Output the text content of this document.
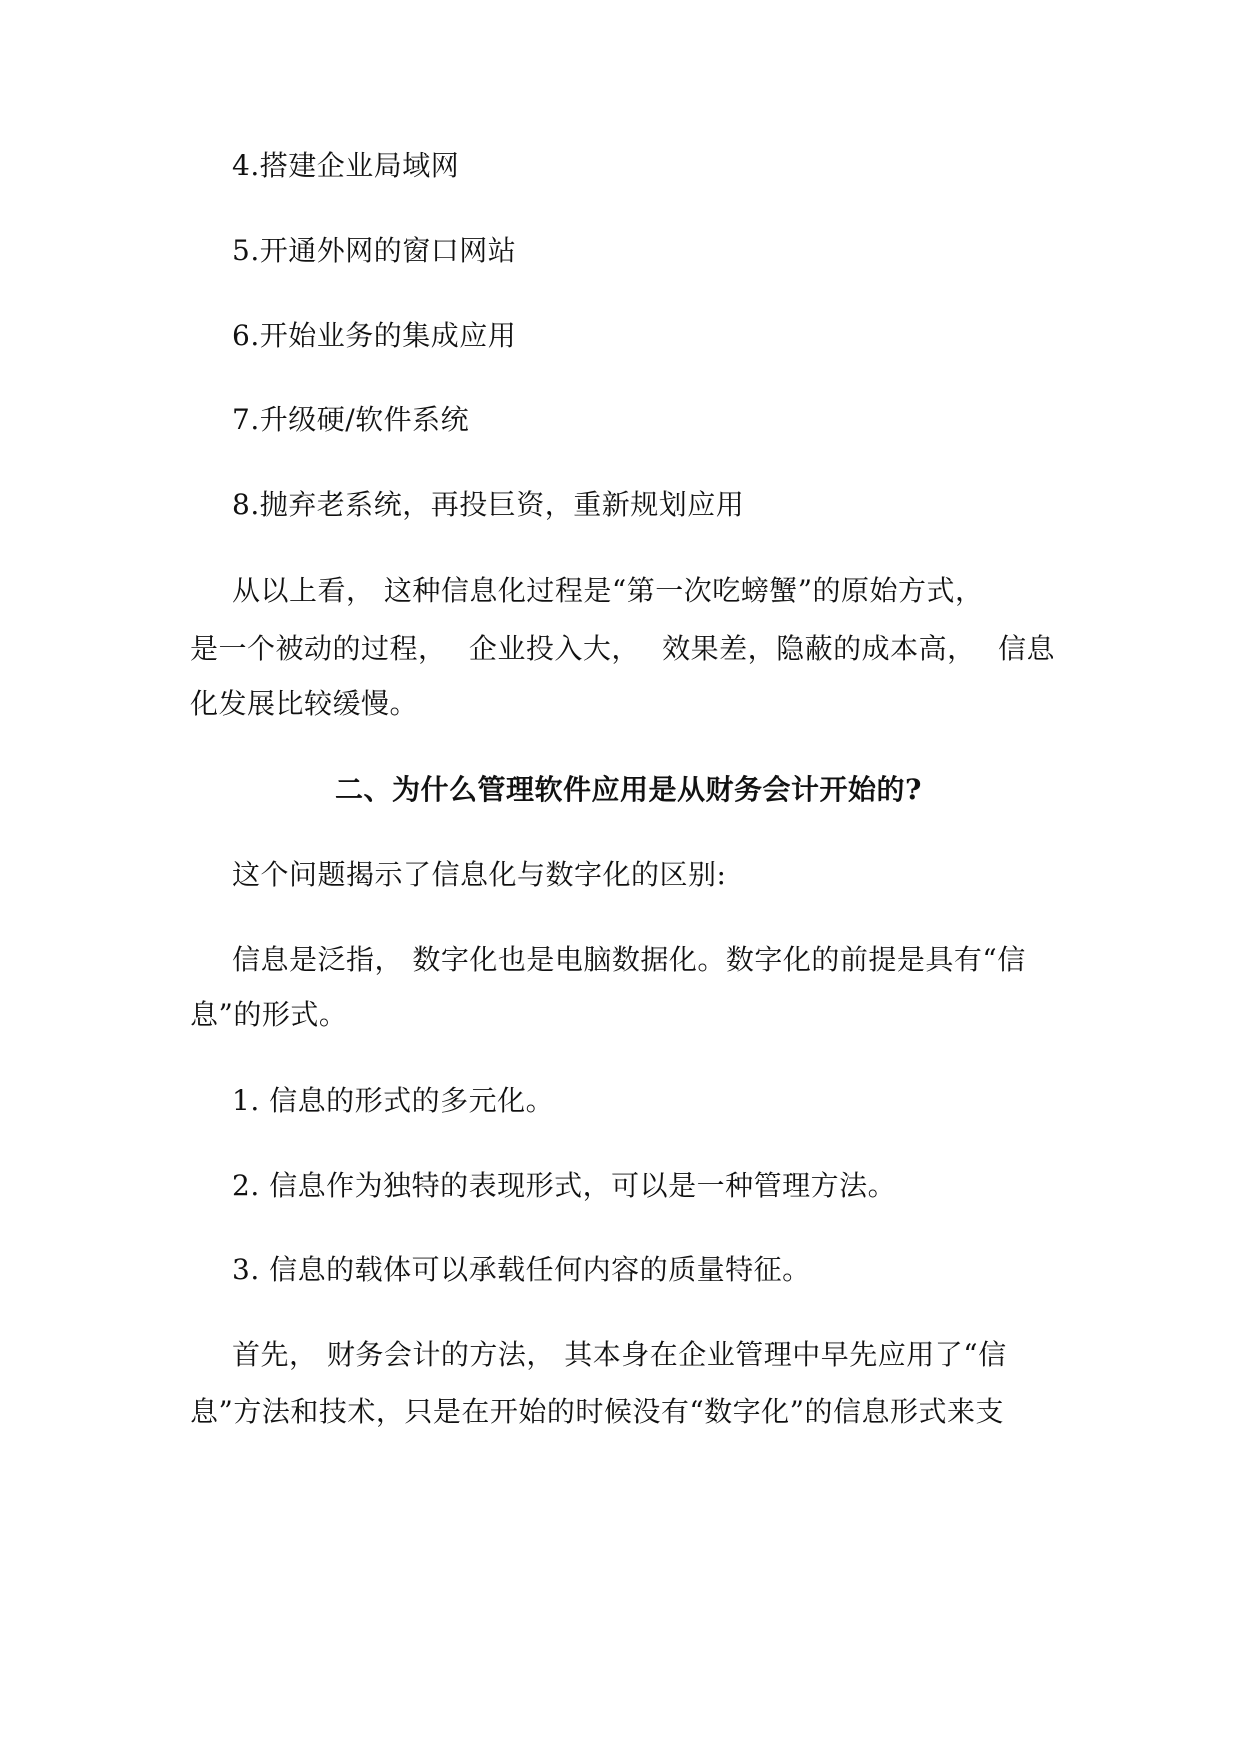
4.搭建企业局域网
5.开通外网的窗口网站
6.开始业务的集成应用
7.升级硬/软件系统
8.抛弃老系统，再投巨资，重新规划应用
从以上看， 这种信息化过程是“第一次吃螃蟹”的原始方式，
是一个被动的过程， 企业投入大， 效果差，隐蔽的成本高， 信息
化发展比较缓慢。
二、为什么管理软件应用是从财务会计开始的?
这个问题揭示了信息化与数字化的区别:
信息是泛指， 数字化也是电脑数据化。数字化的前提是具有“信
息”的形式。
1. 信息的形式的多元化。
2. 信息作为独特的表现形式，可以是一种管理方法。
3. 信息的载体可以承载任何内容的质量特征。
首先， 财务会计的方法， 其本身在企业管理中早先应用了“信
息”方法和技术，只是在开始的时候没有“数字化”的信息形式来支
